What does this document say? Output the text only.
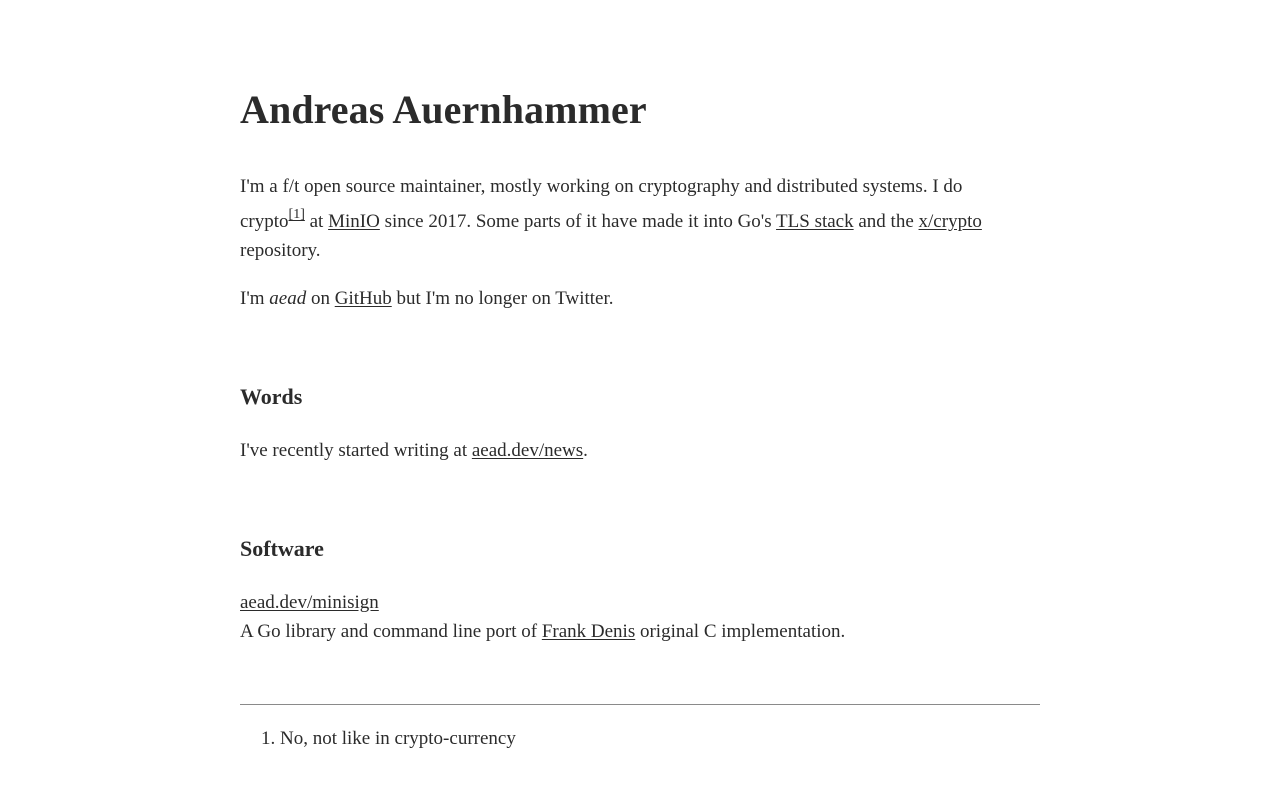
Andreas Auernhammer

I'm a f/t open source maintainer, mostly working on cryptography and distributed systems. I do
crypto[1] at MinIO since 2017. Some parts of it have made it into Go's TLS stack and the x/crypto
repository.

I'm aead on GitHub but I'm no longer on Twitter.

Words

I've recently started writing at aead.dev/news.

Software

aead.dev/minisign
A Go library and command line port of Frank Denis original C implementation.

1. No, not like in crypto-currency
